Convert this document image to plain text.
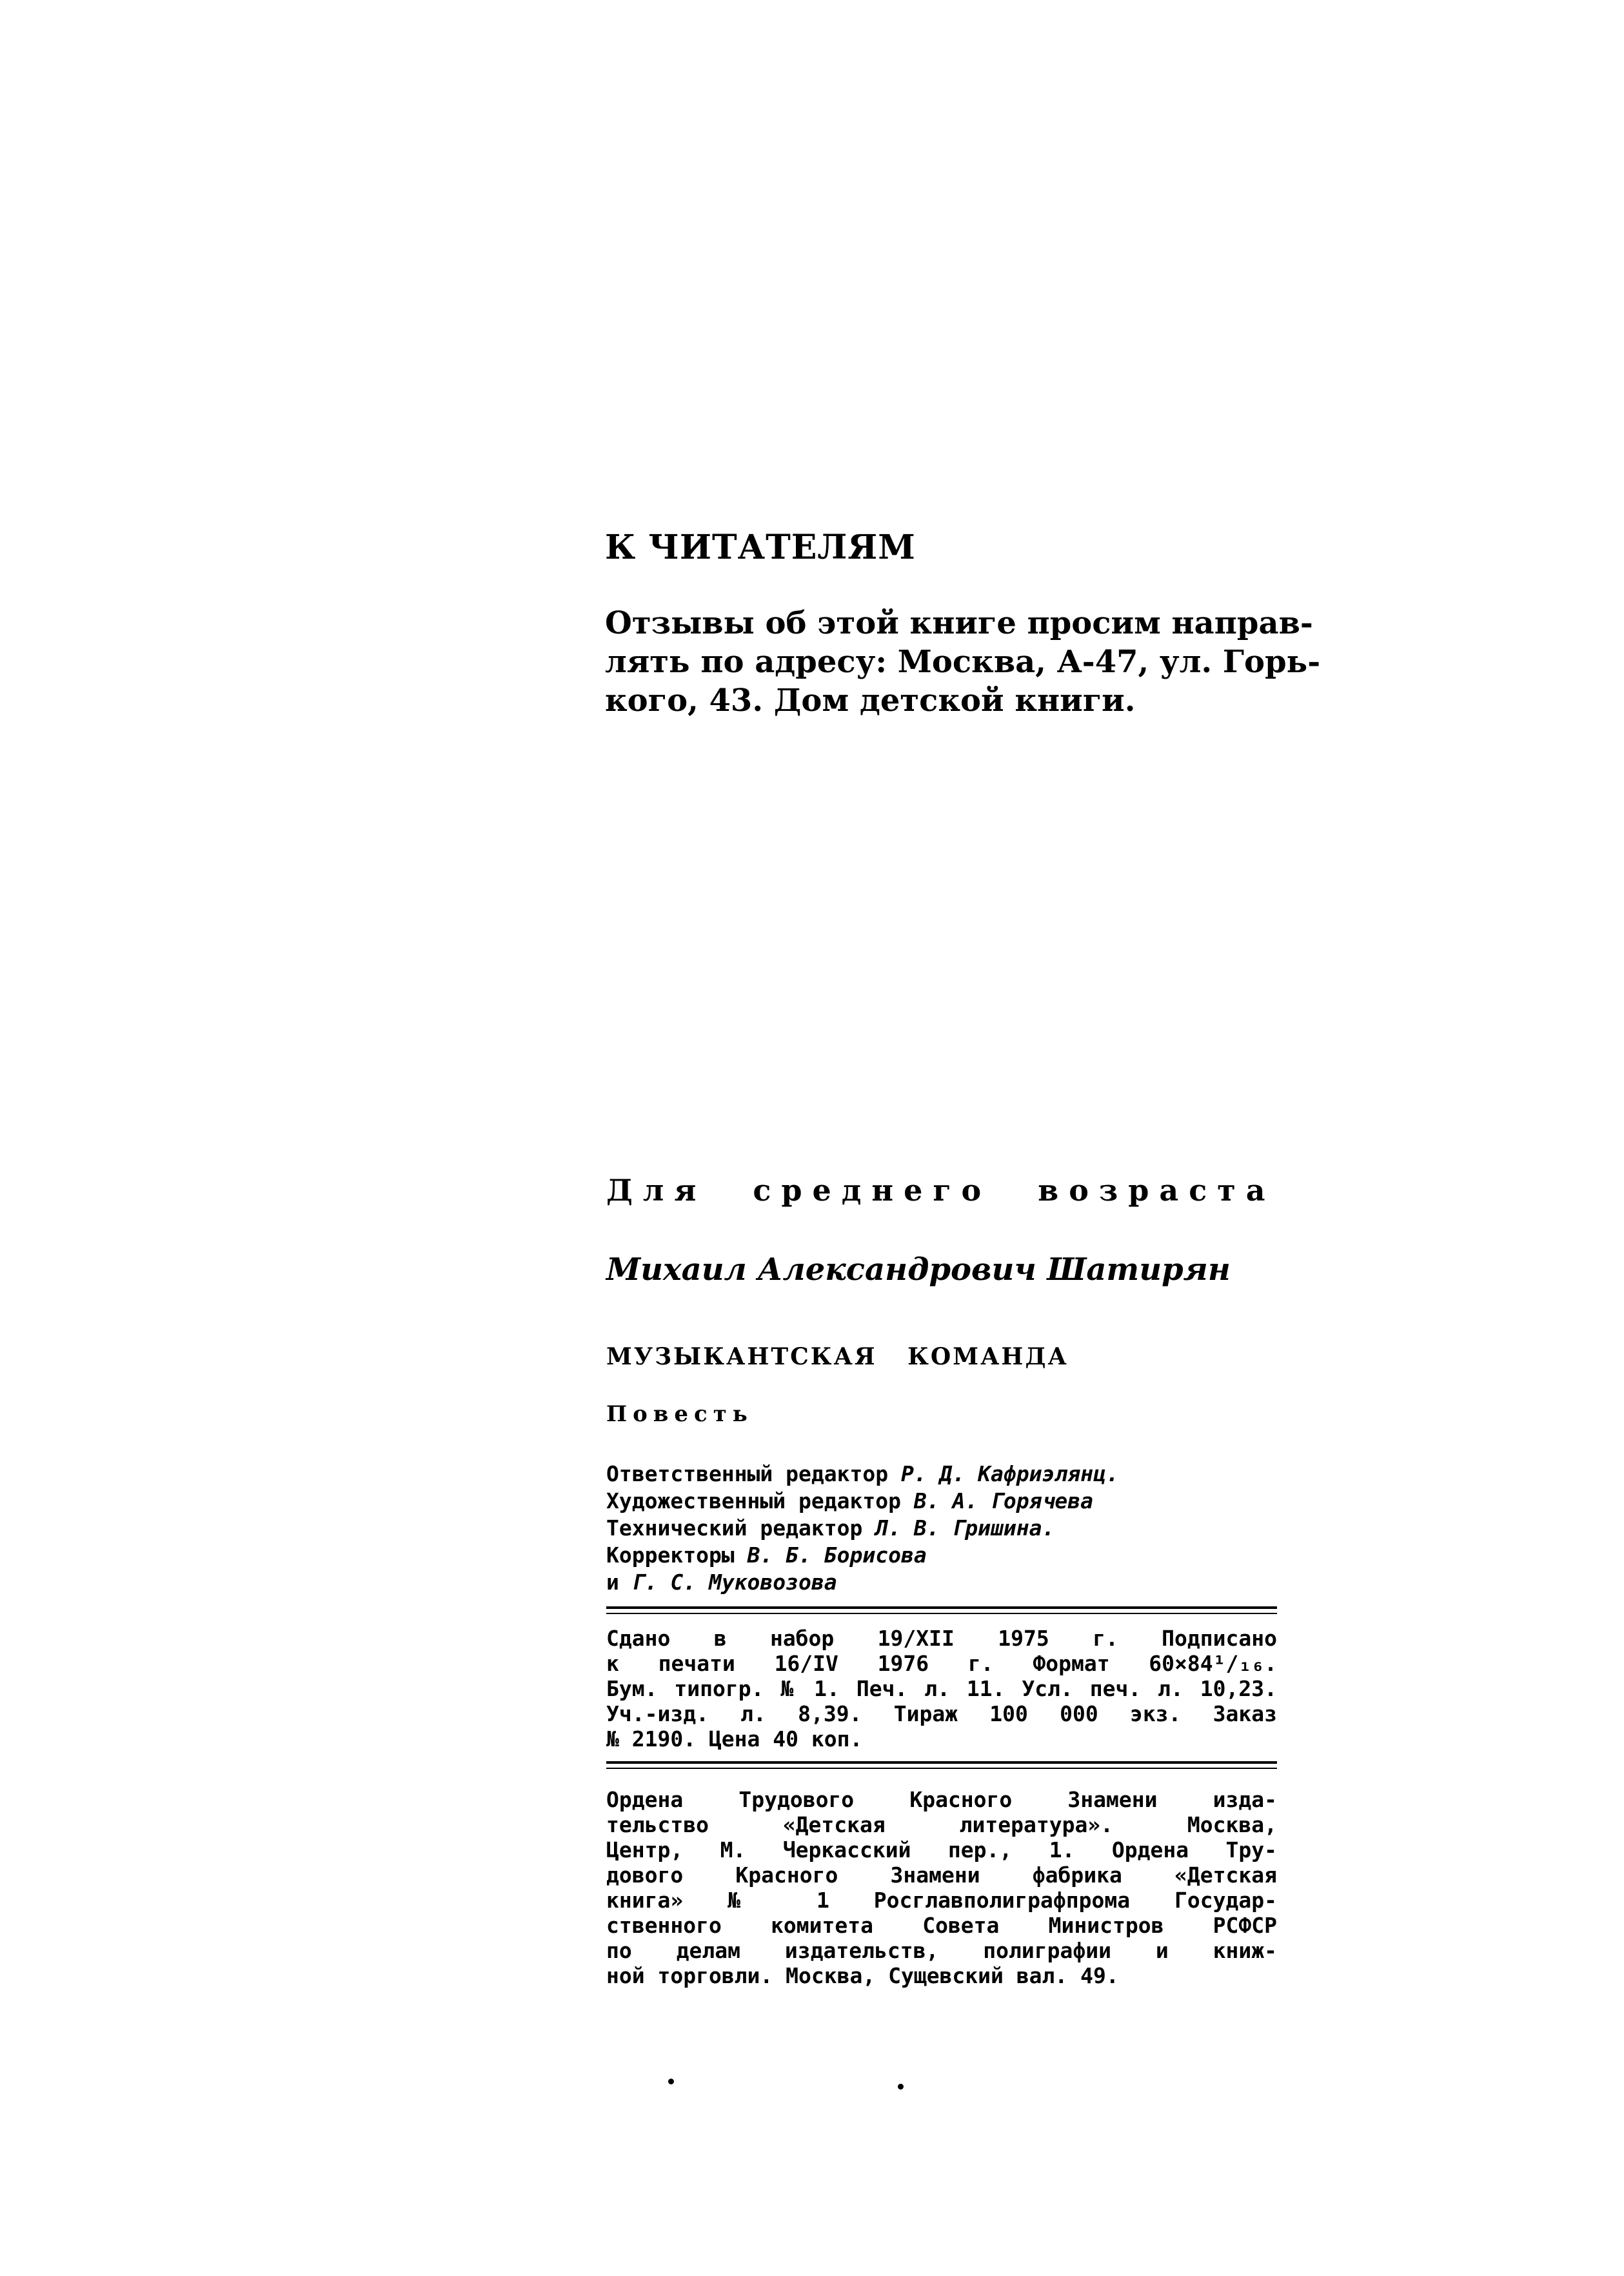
К ЧИТАТЕЛЯМ
Отзывы об этой книге просим направ-
лять по адресу: Москва, А-47, ул. Горь-
кого, 43. Дом детской книги.
Для среднего возраста
Михаил Александрович Шатирян
МУЗЫКАНТСКАЯ КОМАНДА
Повесть
Ответственный редактор Р. Д. Кафриэлянц.
Художественный редактор В. А. Горячева
Технический редактор Л. В. Гришина.
Корректоры В. Б. Борисова
и Г. С. Муковозова
Сдано в набор 19/XII 1975 г. Подписано
к печати 16/IV 1976 г. Формат 60×84¹/₁₆.
Бум. типогр. № 1. Печ. л. 11. Усл. печ. л. 10,23.
Уч.-изд. л. 8,39. Тираж 100 000 экз. Заказ
№ 2190. Цена 40 коп.
Ордена Трудового Красного Знамени изда-
тельство «Детская литература». Москва,
Центр, М. Черкасский пер., 1. Ордена Тру-
дового Красного Знамени фабрика «Детская
книга» № 1 Росглавполиграфпрома Государ-
ственного комитета Совета Министров РСФСР
по делам издательств, полиграфии и книж-
ной торговли. Москва, Сущевский вал. 49.
